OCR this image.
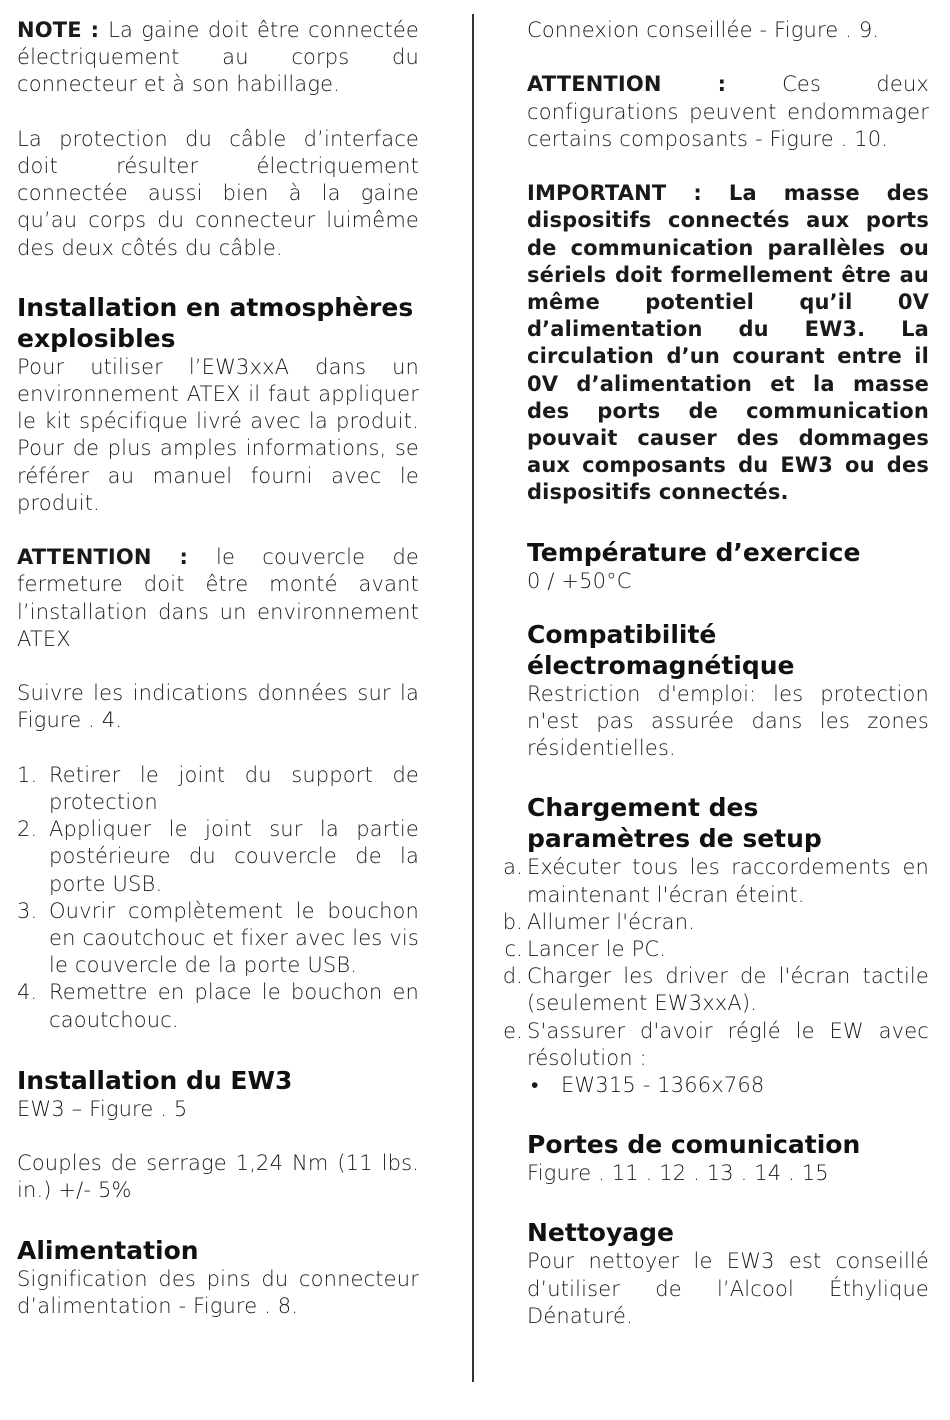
NOTE : La gaine doit être connectée électriquement au corps du connecteur et à son habillage.

La protection du câble d’interface doit résulter électriquement connectée aussi bien à la gaine qu’au corps du connecteur luimême des deux côtés du câble.

Installation en atmosphères explosibles

Pour utiliser l’EW3xxA dans un environnement ATEX il faut appliquer le kit spécifique livré avec la produit. Pour de plus amples informations, se référer au manuel fourni avec le produit.

ATTENTION : le couvercle de fermeture doit être monté avant l’installation dans un environnement ATEX

Suivre les indications données sur la Figure . 4.

1. Retirer le joint du support de protection
2. Appliquer le joint sur la partie postérieure du couvercle de la porte USB.
3. Ouvrir complètement le bouchon en caoutchouc et fixer avec les vis le couvercle de la porte USB.
4. Remettre en place le bouchon en caoutchouc.
Installation du EW3

EW3 – Figure . 5

Couples de serrage 1,24 Nm (11 lbs. in.) +/- 5%

Alimentation

Signification des pins du connecteur d’alimentation - Figure . 8.

Connexion conseillée - Figure . 9.

ATTENTION : Ces deux configurations peuvent endommager certains composants - Figure . 10.

IMPORTANT : La masse des dispositifs connectés aux ports de communication parallèles ou sériels doit formellement être au même potentiel qu’il 0V d’alimentation du EW3. La circulation d’un courant entre il 0V d’alimentation et la masse des ports de communication pouvait causer des dommages aux composants du EW3 ou des dispositifs connectés.

Température d’exercice

0 / +50°C

Compatibilité électromagnétique

Restriction d'emploi: les protection n'est pas assurée dans les zones résidentielles.

Chargement des paramètres de setup
a. Exécuter tous les raccordements en maintenant l'écran éteint.
b. Allumer l'écran.
c. Lancer le PC.
d. Charger les driver de l'écran tactile (seulement EW3xxA).
e. S'assurer d'avoir réglé le EW avec résolution :
• EW315 - 1366x768
Portes de comunication

Figure . 11 . 12 . 13 . 14 . 15

Nettoyage

Pour nettoyer le EW3 est conseillé d’utiliser de l’Alcool Éthylique Dénaturé.
